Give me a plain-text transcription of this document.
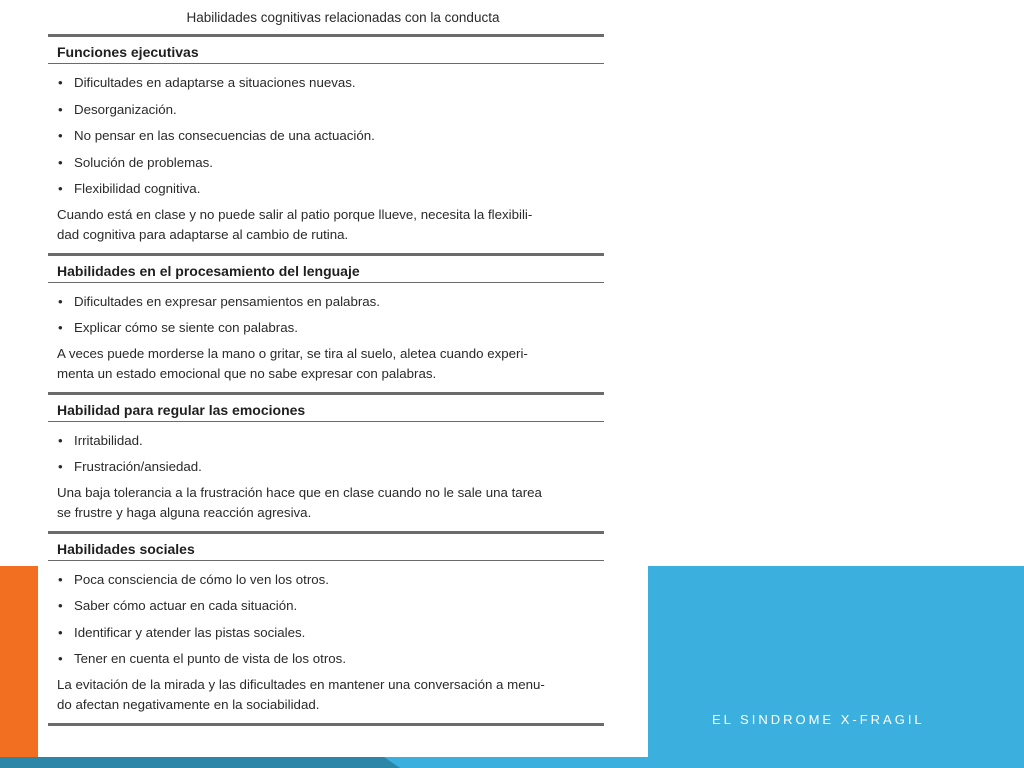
Habilidades cognitivas relacionadas con la conducta
Funciones ejecutivas
• Dificultades en adaptarse a situaciones nuevas.
• Desorganización.
• No pensar en las consecuencias de una actuación.
• Solución de problemas.
• Flexibilidad cognitiva.
Cuando está en clase y no puede salir al patio porque llueve, necesita la flexibili-
dad cognitiva para adaptarse al cambio de rutina.
Habilidades en el procesamiento del lenguaje
• Dificultades en expresar pensamientos en palabras.
• Explicar cómo se siente con palabras.
A veces puede morderse la mano o gritar, se tira al suelo, aletea cuando experi-
menta un estado emocional que no sabe expresar con palabras.
Habilidad para regular las emociones
• Irritabilidad.
• Frustración/ansiedad.
Una baja tolerancia a la frustración hace que en clase cuando no le sale una tarea
se frustre y haga alguna reacción agresiva.
Habilidades sociales
• Poca consciencia de cómo lo ven los otros.
• Saber cómo actuar en cada situación.
• Identificar y atender las pistas sociales.
• Tener en cuenta el punto de vista de los otros.
La evitación de la mirada y las dificultades en mantener una conversación a menu-
do afectan negativamente en la sociabilidad.
EL SINDROME X-FRAGIL
